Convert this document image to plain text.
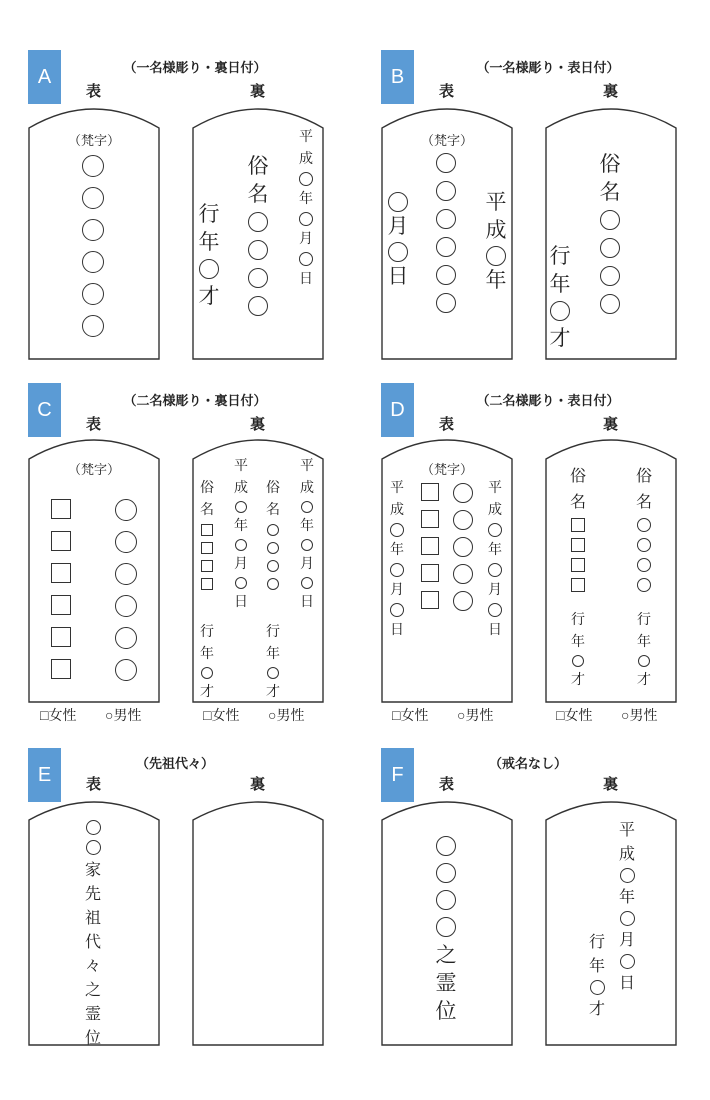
A	（一名様彫り・裏日付）
表	裏
（梵字）
行
年
才
俗
名
平
成
年
月
日
B	（一名様彫り・表日付）
表	裏
月
日
（梵字）
平
成
年
行
年
才
俗
名
C	（二名様彫り・裏日付）
表	裏
（梵字）
俗
名
平
成
年
月
日
俗
名
平
成
年
月
日
行
年
才
行
年
才
□女性 ○男性	□女性 ○男性
D	（二名様彫り・表日付）
表	裏
（梵字）
平
成
年
月
日
平
成
年
月
日
俗
名
俗
名
行
年
才
行
年
才
□女性 ○男性	□女性 ○男性
E	（先祖代々）
表	裏
家
先
祖
代
々
之
霊
位
F	（戒名なし）
表	裏
之
霊
位
行
年
才
平
成
年
月
日
